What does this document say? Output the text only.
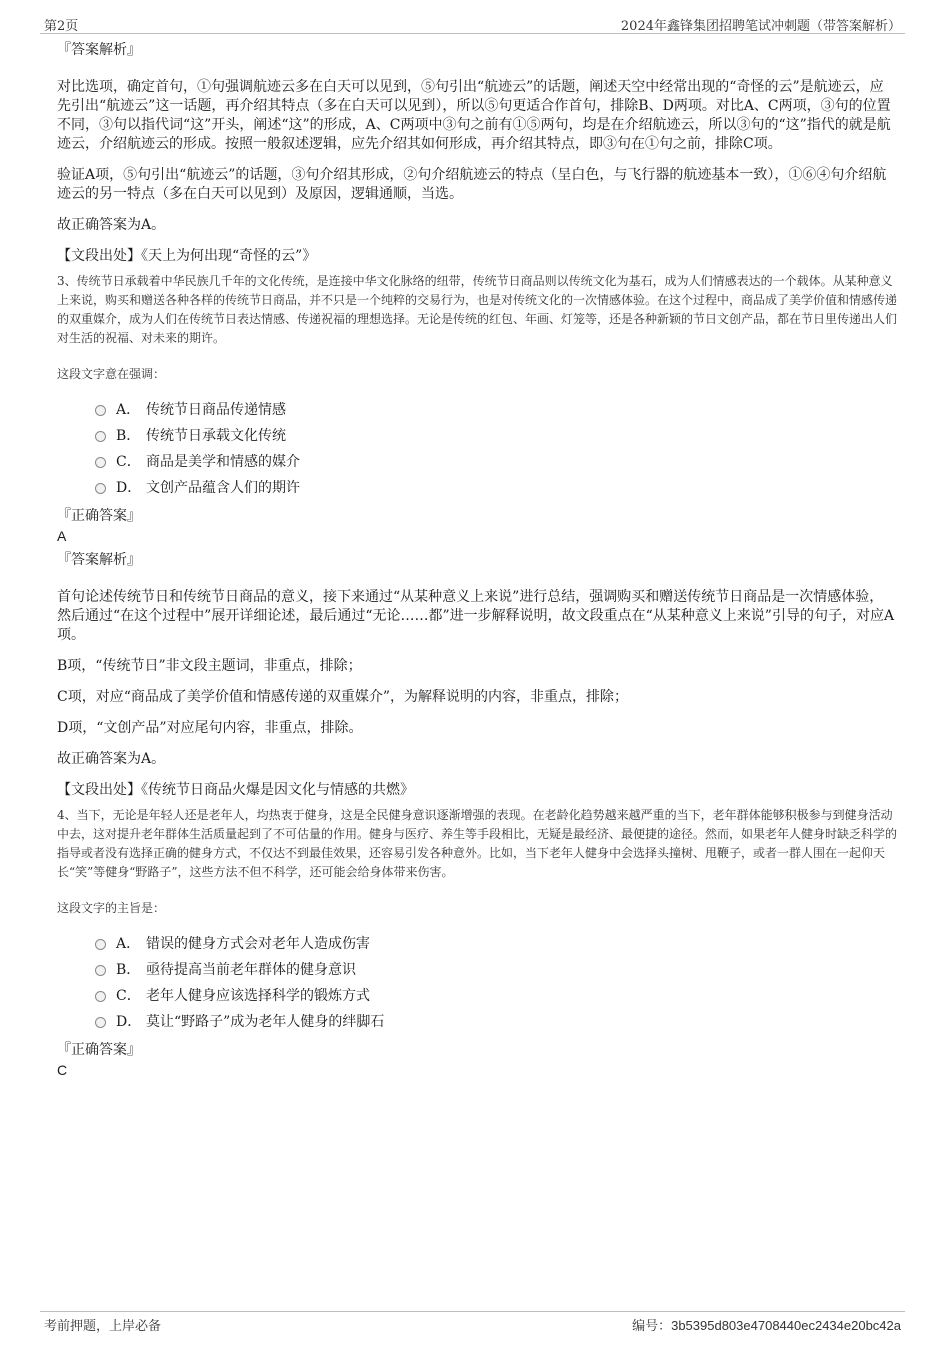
第2页	2024年鑫锋集团招聘笔试冲刺题（带答案解析）
『答案解析』
对比选项，确定首句，①句强调航迹云多在白天可以见到，⑤句引出“航迹云”的话题，阐述天空中经常出现的“奇怪的云”是航迹云，应先引出“航迹云”这一话题，再介绍其特点（多在白天可以见到），所以⑤句更适合作首句，排除B、D两项。对比A、C两项，③句的位置不同，③句以指代词“这”开头，阐述“这”的形成，A、C两项中③句之前有①⑤两句，均是在介绍航迹云，所以③句的“这”指代的就是航迹云，介绍航迹云的形成。按照一般叙述逻辑，应先介绍其如何形成，再介绍其特点，即③句在①句之前，排除C项。
验证A项，⑤句引出“航迹云”的话题，③句介绍其形成，②句介绍航迹云的特点（呈白色，与飞行器的航迹基本一致），①⑥④句介绍航迹云的另一特点（多在白天可以见到）及原因，逻辑通顺，当选。
故正确答案为A。
【文段出处】《天上为何出现“奇怪的云”》
3、传统节日承载着中华民族几千年的文化传统，是连接中华文化脉络的纽带，传统节日商品则以传统文化为基石，成为人们情感表达的一个载体。从某种意义上来说，购买和赠送各种各样的传统节日商品，并不只是一个纯粹的交易行为，也是对传统文化的一次情感体验。在这个过程中，商品成了美学价值和情感传递的双重媒介，成为人们在传统节日表达情感、传递祝福的理想选择。无论是传统的红包、年画、灯笼等，还是各种新颖的节日文创产品，都在节日里传递出人们对生活的祝福、对未来的期许。
这段文字意在强调：
A． 传统节日商品传递情感
B． 传统节日承载文化传统
C． 商品是美学和情感的媒介
D． 文创产品蕴含人们的期许
『正确答案』
A
『答案解析』
首句论述传统节日和传统节日商品的意义，接下来通过“从某种意义上来说”进行总结，强调购买和赠送传统节日商品是一次情感体验，然后通过“在这个过程中”展开详细论述，最后通过“无论……都”进一步解释说明，故文段重点在“从某种意义上来说”引导的句子，对应A项。
B项，“传统节日”非文段主题词，非重点，排除；
C项，对应“商品成了美学价值和情感传递的双重媒介”，为解释说明的内容，非重点，排除；
D项，“文创产品”对应尾句内容，非重点，排除。
故正确答案为A。
【文段出处】《传统节日商品火爆是因文化与情感的共燃》
4、当下，无论是年轻人还是老年人，均热衷于健身，这是全民健身意识逐渐增强的表现。在老龄化趋势越来越严重的当下，老年群体能够积极参与到健身活动中去，这对提升老年群体生活质量起到了不可估量的作用。健身与医疗、养生等手段相比，无疑是最经济、最便捷的途径。然而，如果老年人健身时缺乏科学的指导或者没有选择正确的健身方式，不仅达不到最佳效果，还容易引发各种意外。比如，当下老年人健身中会选择头撞树、甩鞭子，或者一群人围在一起仰天长“笑”等健身“野路子”，这些方法不但不科学，还可能会给身体带来伤害。
这段文字的主旨是：
A． 错误的健身方式会对老年人造成伤害
B． 亟待提高当前老年群体的健身意识
C． 老年人健身应该选择科学的锻炼方式
D． 莫让“野路子”成为老年人健身的绊脚石
『正确答案』
C
考前押题，上岸必备	编号：3b5395d803e4708440ec2434e20bc42a
